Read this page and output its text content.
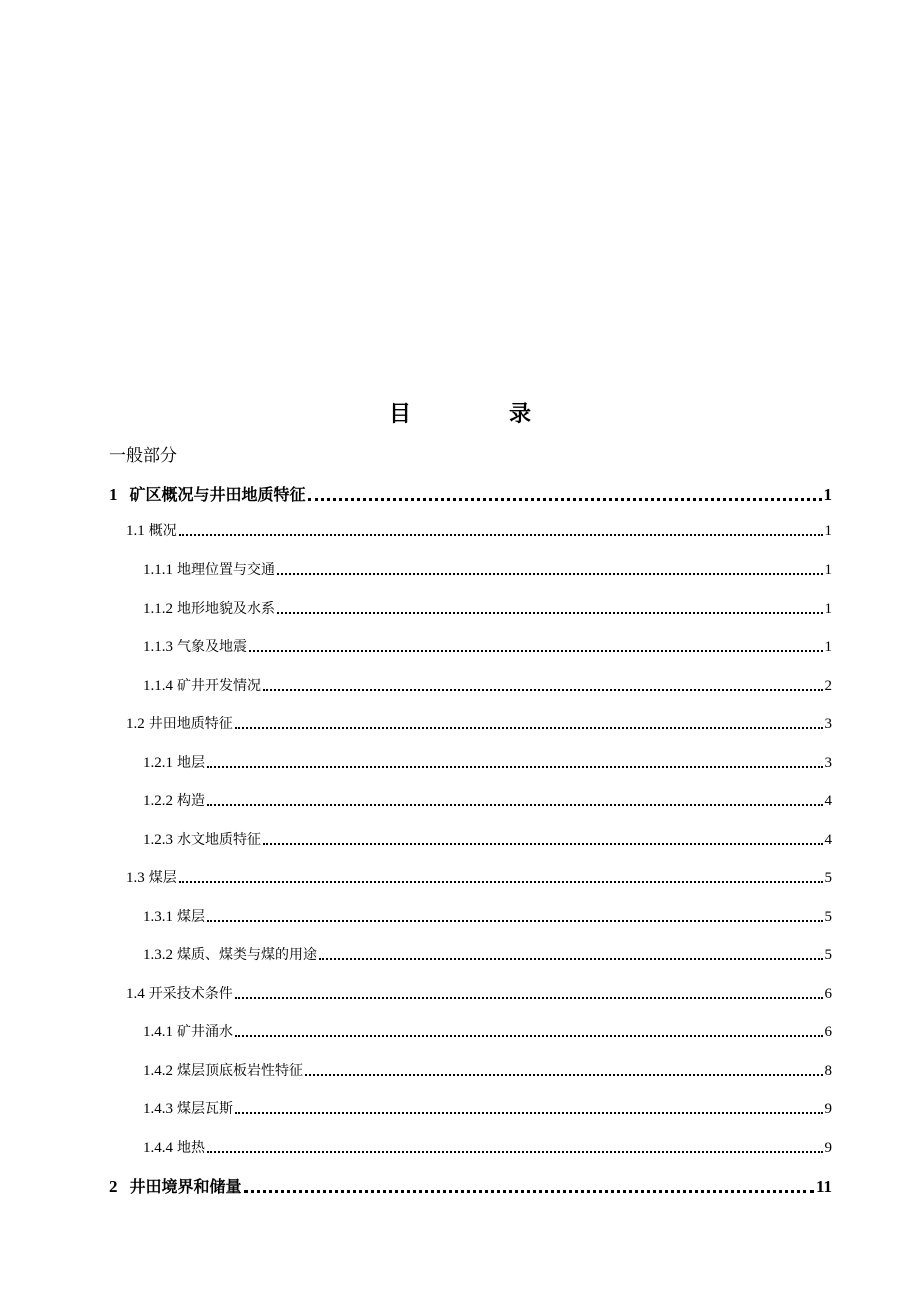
目　录
一般部分
1 矿区概况与井田地质特征	1
1.1 概况	1
1.1.1 地理位置与交通	1
1.1.2 地形地貌及水系	1
1.1.3 气象及地震	1
1.1.4 矿井开发情况	2
1.2 井田地质特征	3
1.2.1 地层	3
1.2.2 构造	4
1.2.3 水文地质特征	4
1.3 煤层	5
1.3.1 煤层	5
1.3.2 煤质、煤类与煤的用途	5
1.4 开采技术条件	6
1.4.1 矿井涌水	6
1.4.2 煤层顶底板岩性特征	8
1.4.3 煤层瓦斯	9
1.4.4 地热	9
2 井田境界和储量	11
